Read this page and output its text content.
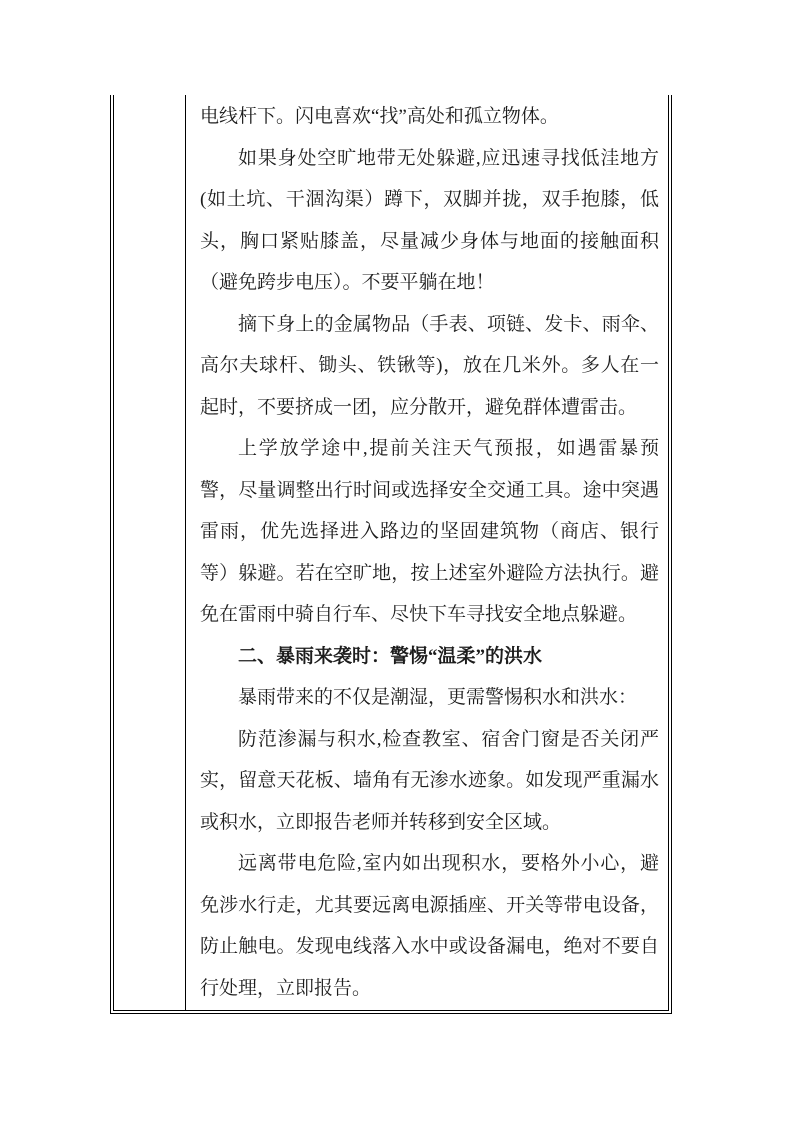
电线杆下。闪电喜欢“找”高处和孤立物体。

如果身处空旷地带无处躲避,应迅速寻找低洼地方(如土坑、干涸沟渠）蹲下，双脚并拢，双手抱膝，低头，胸口紧贴膝盖，尽量减少身体与地面的接触面积（避免跨步电压）。不要平躺在地！

摘下身上的金属物品（手表、项链、发卡、雨伞、高尔夫球杆、锄头、铁锹等)，放在几米外。多人在一起时，不要挤成一团，应分散开，避免群体遭雷击。

上学放学途中,提前关注天气预报，如遇雷暴预警，尽量调整出行时间或选择安全交通工具。途中突遇雷雨，优先选择进入路边的坚固建筑物（商店、银行等）躲避。若在空旷地，按上述室外避险方法执行。避免在雷雨中骑自行车、尽快下车寻找安全地点躲避。

二、暴雨来袭时：警惕“温柔”的洪水

暴雨带来的不仅是潮湿，更需警惕积水和洪水：

防范渗漏与积水,检查教室、宿舍门窗是否关闭严实，留意天花板、墙角有无渗水迹象。如发现严重漏水或积水，立即报告老师并转移到安全区域。

远离带电危险,室内如出现积水，要格外小心，避免涉水行走，尤其要远离电源插座、开关等带电设备，防止触电。发现电线落入水中或设备漏电，绝对不要自行处理，立即报告。
